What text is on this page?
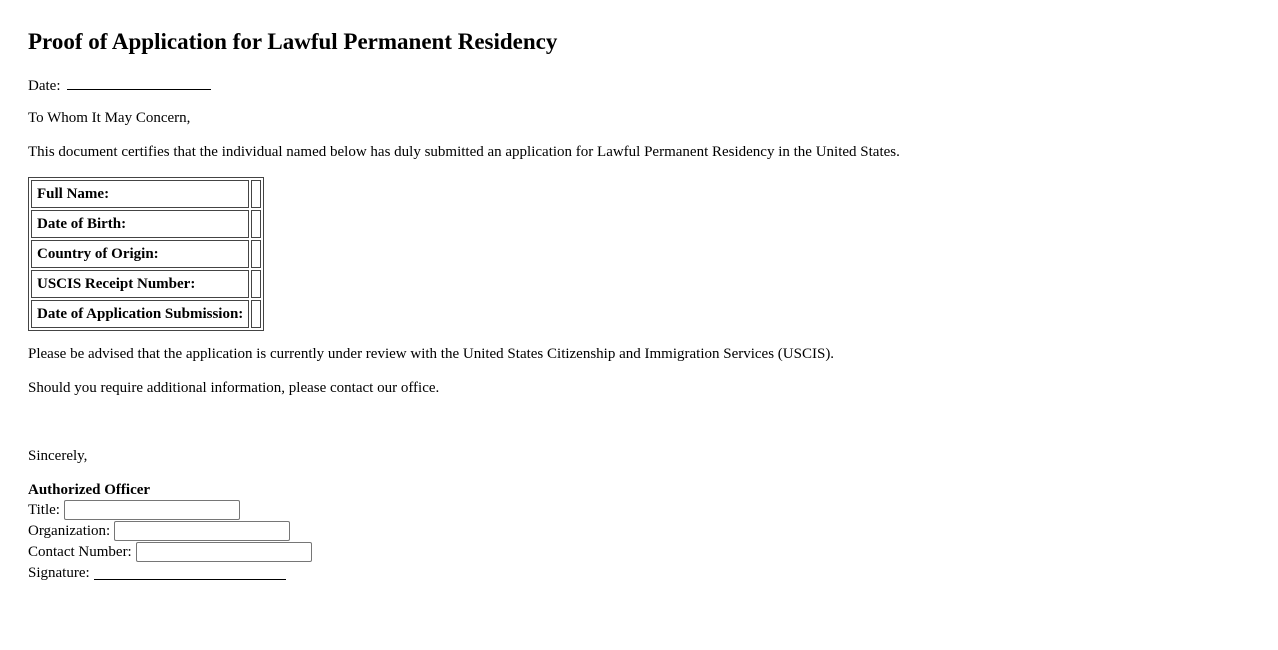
Proof of Application for Lawful Permanent Residency
Date:
To Whom It May Concern,
This document certifies that the individual named below has duly submitted an application for Lawful Permanent Residency in the United States.
Full Name:	
Date of Birth:	
Country of Origin:	
USCIS Receipt Number:	
Date of Application Submission:	
Please be advised that the application is currently under review with the United States Citizenship and Immigration Services (USCIS).
Should you require additional information, please contact our office.
Sincerely,
Authorized Officer
Title:
Organization:
Contact Number:
Signature:
